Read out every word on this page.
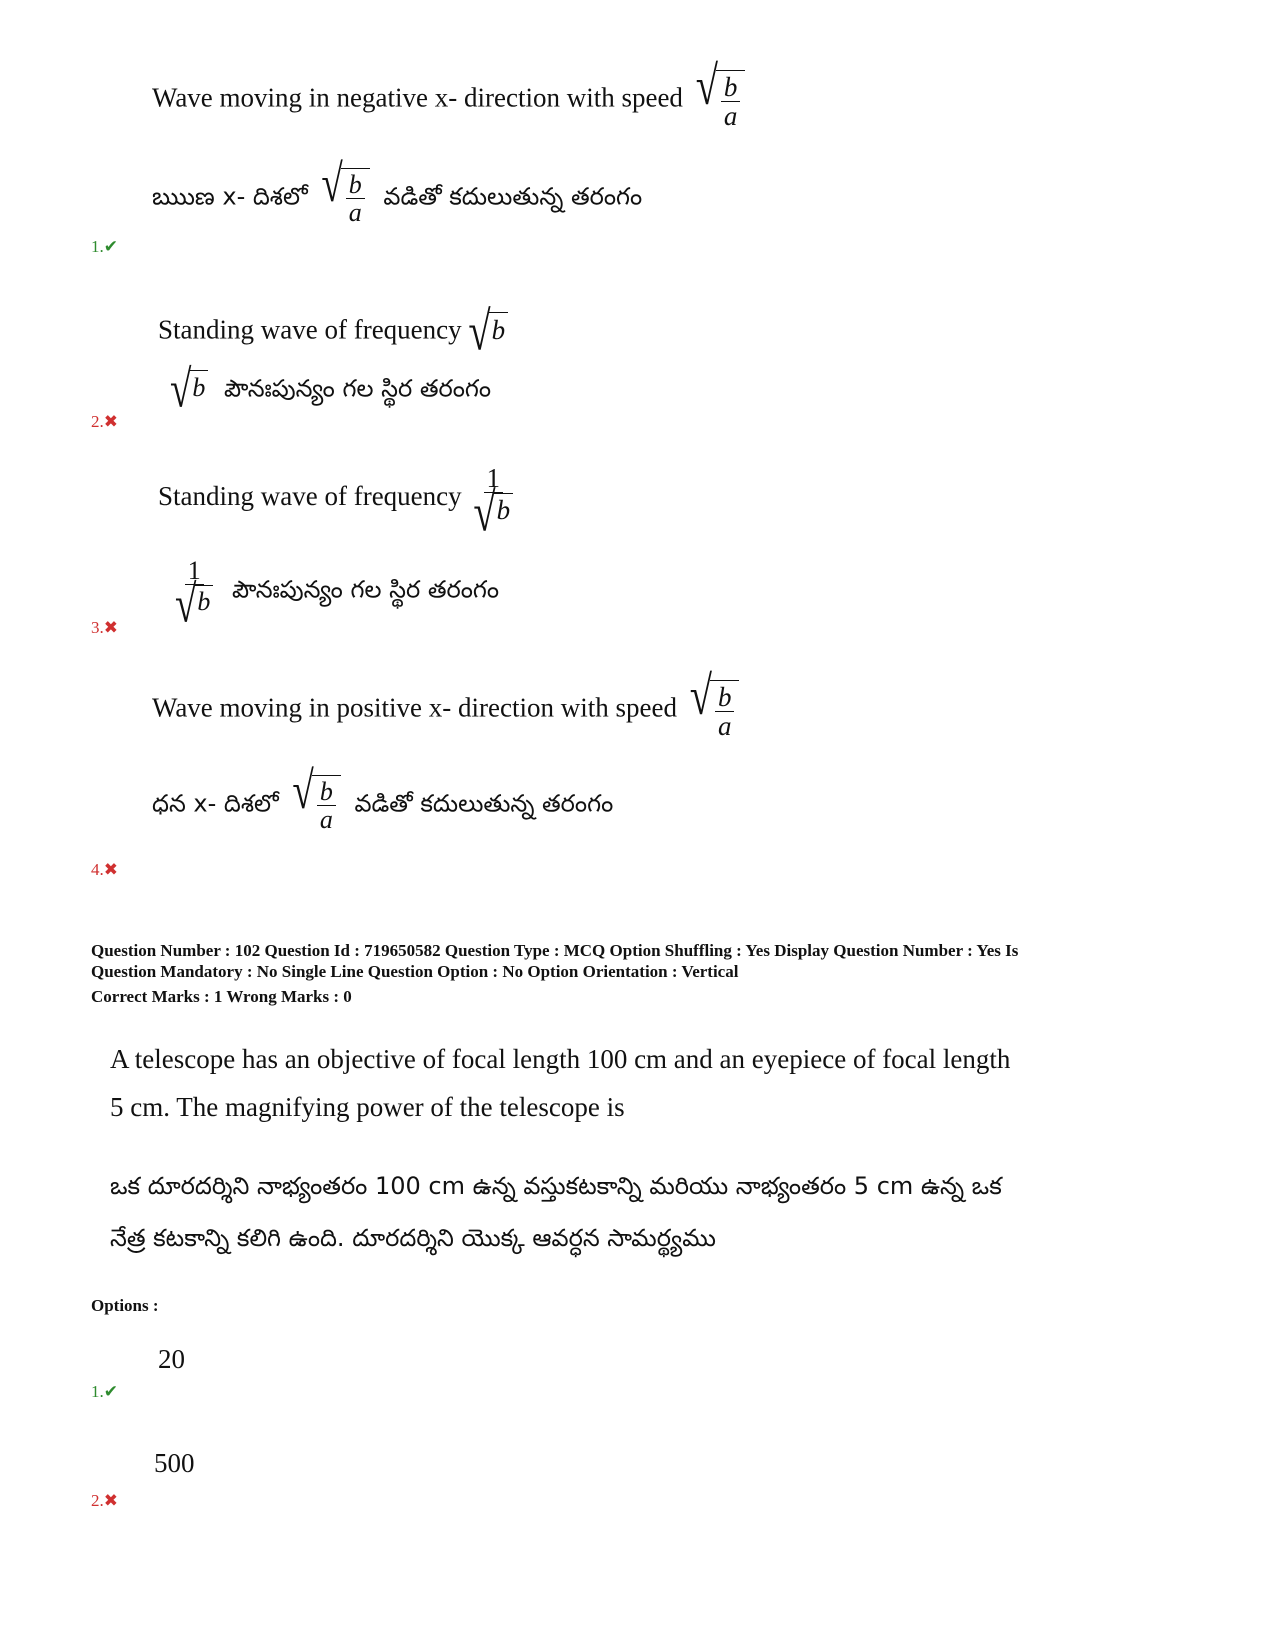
Wave moving in negative x- direction with speed √ $\frac{b}{a}$
ఋుణ x- దిశలో √ $\frac{b}{a}$ వడితో కదులుతున్న తరంగం
1.✔
Standing wave of frequency √ b
√ b పౌనఃపున్యం గల స్థిర తరంగం
2.✖
Standing wave of frequency $\frac{1}{√ b}$
$\frac{1}{√ b}$ పౌనఃపున్యం గల స్థిర తరంగం
3.✖
Wave moving in positive x- direction with speed √ $\frac{b}{a}$
ధన x- దిశలో √ $\frac{b}{a}$ వడితో కదులుతున్న తరంగం
4.✖
Question Number : 102 Question Id : 719650582 Question Type : MCQ Option Shuffling : Yes Display Question Number : Yes Is
Question Mandatory : No Single Line Question Option : No Option Orientation : Vertical
Correct Marks : 1 Wrong Marks : 0
A telescope has an objective of focal length 100 cm and an eyepiece of focal length
5 cm. The magnifying power of the telescope is
ఒక దూరదర్శిని నాభ్యంతరం 100 cm ఉన్న వస్తుకటకాన్ని మరియు నాభ్యంతరం 5 cm ఉన్న ఒక
నేత్ర కటకాన్ని కలిగి ఉంది. దూరదర్శిని యొక్క ఆవర్ధన సామర్థ్యము
Options :
20
1.✔
500
2.✖
